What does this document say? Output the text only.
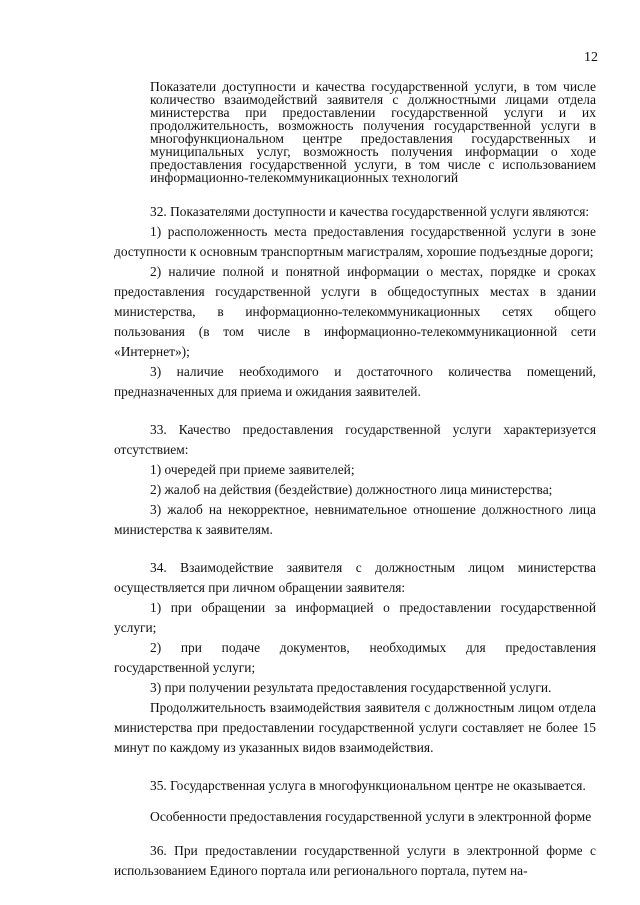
12

Показатели доступности и качества государственной услуги, в том числе количество взаимодействий заявителя с должностными лицами отдела министерства при предоставлении государственной услуги и их продолжительность, возможность получения государственной услуги в многофункциональном центре предоставления государственных и муниципальных услуг, возможность получения информации о ходе предоставления государственной услуги, в том числе с использованием информационно-телекоммуникационных технологий

32. Показателями доступности и качества государственной услуги являются:

1) расположенность места предоставления государственной услуги в зоне доступности к основным транспортным магистралям, хорошие подъездные дороги;

2) наличие полной и понятной информации о местах, порядке и сроках предоставления государственной услуги в общедоступных местах в здании министерства, в информационно-телекоммуникационных сетях общего пользования (в том числе в информационно-телекоммуникационной сети «Интернет»);

3) наличие необходимого и достаточного количества помещений, предназначенных для приема и ожидания заявителей.

33. Качество предоставления государственной услуги характеризуется отсутствием:

1) очередей при приеме заявителей;

2) жалоб на действия (бездействие) должностного лица министерства;

3) жалоб на некорректное, невнимательное отношение должностного лица министерства к заявителям.

34. Взаимодействие заявителя с должностным лицом министерства осуществляется при личном обращении заявителя:

1) при обращении за информацией о предоставлении государственной услуги;

2) при подаче документов, необходимых для предоставления государственной услуги;

3) при получении результата предоставления государственной услуги.

Продолжительность взаимодействия заявителя с должностным лицом отдела министерства при предоставлении государственной услуги составляет не более 15 минут по каждому из указанных видов взаимодействия.

35. Государственная услуга в многофункциональном центре не оказывается.

Особенности предоставления государственной услуги в электронной форме

36. При предоставлении государственной услуги в электронной форме с использованием Единого портала или регионального портала, путем на-
